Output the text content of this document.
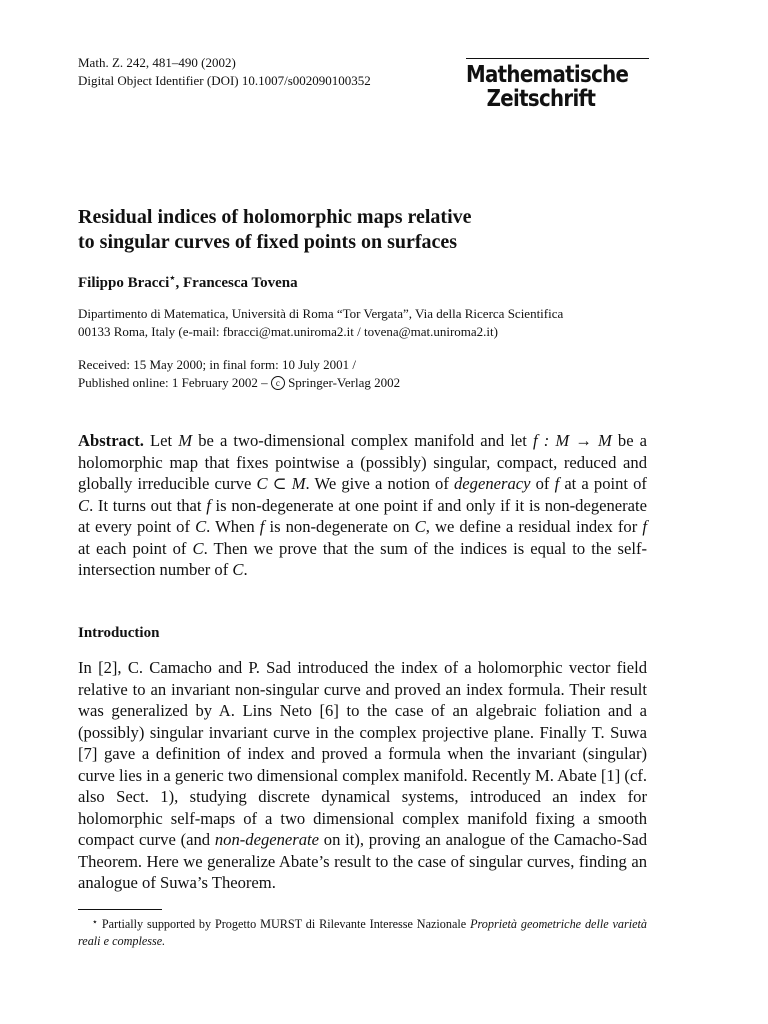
Math. Z. 242, 481–490 (2002)
Digital Object Identifier (DOI) 10.1007/s002090100352	Mathematische
Zeitschrift
Residual indices of holomorphic maps relative
to singular curves of fixed points on surfaces
Filippo Bracci⋆, Francesca Tovena
Dipartimento di Matematica, Università di Roma “Tor Vergata”, Via della Ricerca Scientifica
00133 Roma, Italy (e-mail: fbracci@mat.uniroma2.it / tovena@mat.uniroma2.it)
Received: 15 May 2000; in final form: 10 July 2001 /
Published online: 1 February 2002 – c Springer-Verlag 2002
Abstract. Let M be a two-dimensional complex manifold and let f : M → M be a holomorphic map that fixes pointwise a (possibly) singular, compact, reduced and globally irreducible curve C ⊂ M. We give a notion of degeneracy of f at a point of C. It turns out that f is non-degenerate at one point if and only if it is non-degenerate at every point of C. When f is non-degenerate on C, we define a residual index for f at each point of C. Then we prove that the sum of the indices is equal to the self-intersection number of C.
Introduction
In [2], C. Camacho and P. Sad introduced the index of a holomorphic vector field relative to an invariant non-singular curve and proved an index formula. Their result was generalized by A. Lins Neto [6] to the case of an algebraic foliation and a (possibly) singular invariant curve in the complex projective plane. Finally T. Suwa [7] gave a definition of index and proved a formula when the invariant (singular) curve lies in a generic two dimensional complex manifold. Recently M. Abate [1] (cf. also Sect. 1), studying discrete dynamical systems, introduced an index for holomorphic self-maps of a two dimensional complex manifold fixing a smooth compact curve (and non-degenerate on it), proving an analogue of the Camacho-Sad Theorem. Here we generalize Abate’s result to the case of singular curves, finding an analogue of Suwa’s Theorem.
⋆ Partially supported by Progetto MURST di Rilevante Interesse Nazionale Proprietà geometriche delle varietà reali e complesse.
